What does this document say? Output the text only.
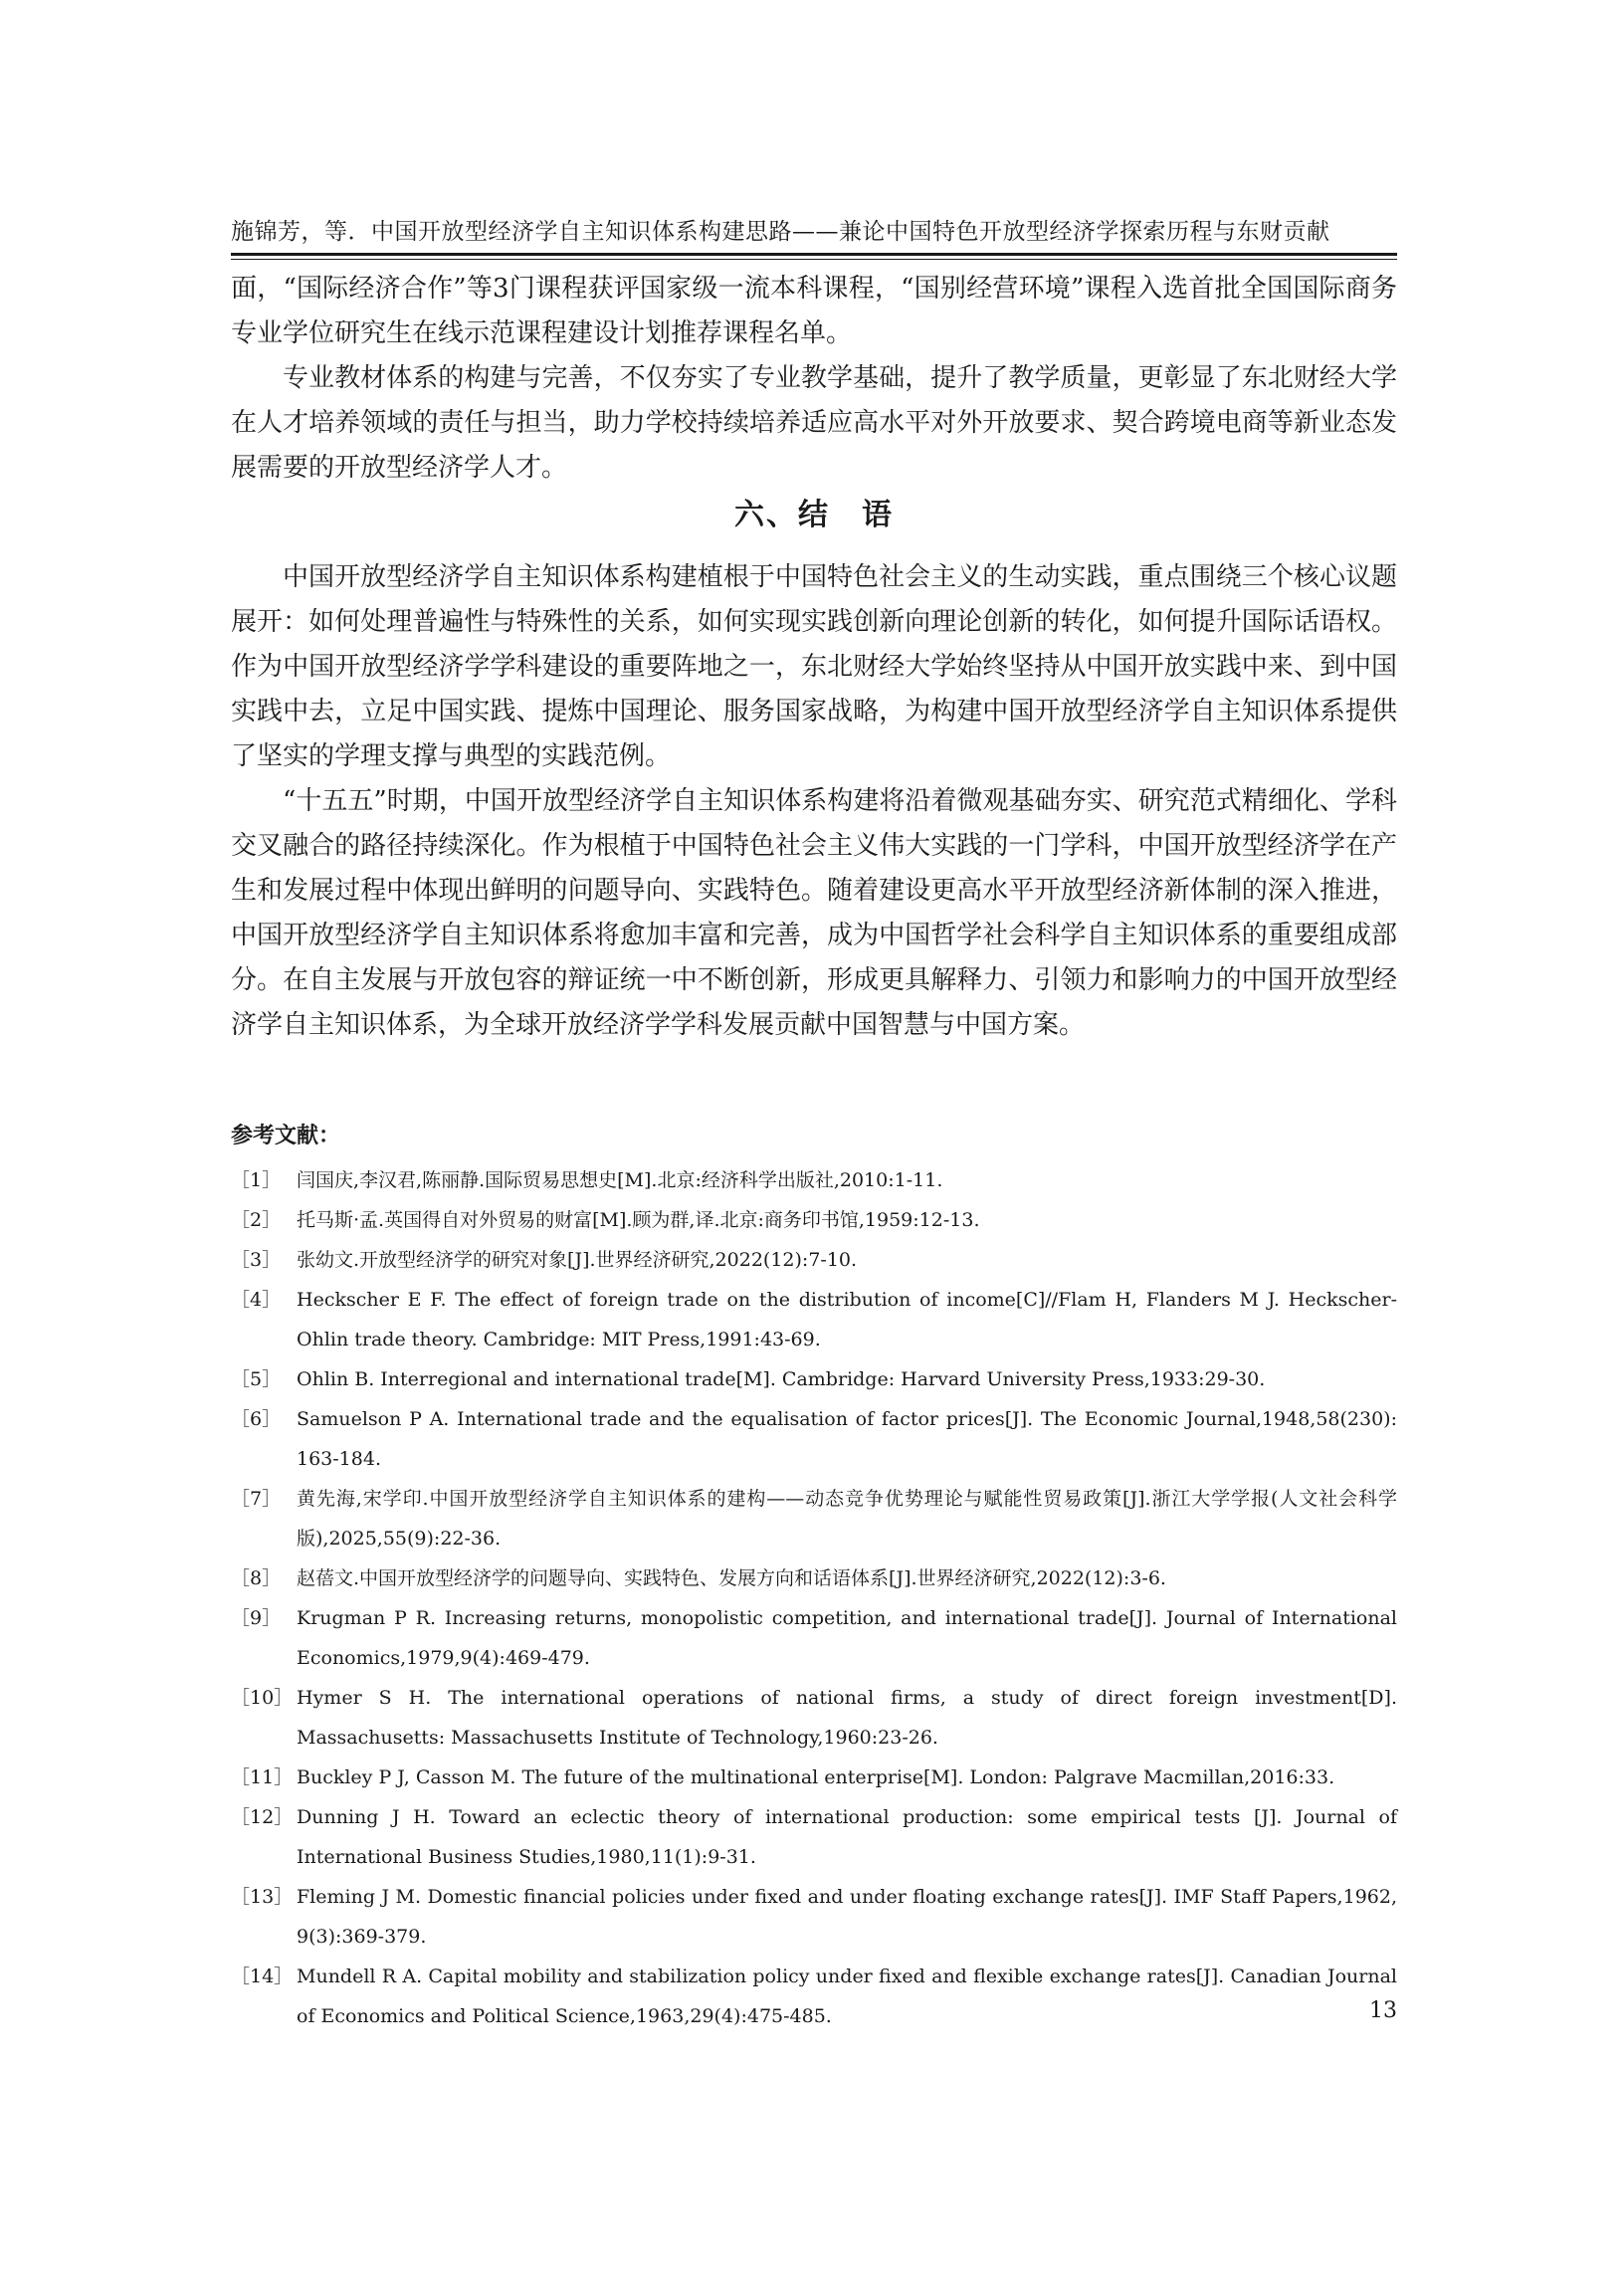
施锦芳，等．中国开放型经济学自主知识体系构建思路——兼论中国特色开放型经济学探索历程与东财贡献

面，“国际经济合作”等3门课程获评国家级一流本科课程，“国别经营环境”课程入选首批全国国际商务专业学位研究生在线示范课程建设计划推荐课程名单。

专业教材体系的构建与完善，不仅夯实了专业教学基础，提升了教学质量，更彰显了东北财经大学在人才培养领域的责任与担当，助力学校持续培养适应高水平对外开放要求、契合跨境电商等新业态发展需要的开放型经济学人才。

六、结　语

中国开放型经济学自主知识体系构建植根于中国特色社会主义的生动实践，重点围绕三个核心议题展开：如何处理普遍性与特殊性的关系，如何实现实践创新向理论创新的转化，如何提升国际话语权。作为中国开放型经济学学科建设的重要阵地之一，东北财经大学始终坚持从中国开放实践中来、到中国实践中去，立足中国实践、提炼中国理论、服务国家战略，为构建中国开放型经济学自主知识体系提供了坚实的学理支撑与典型的实践范例。

“十五五”时期，中国开放型经济学自主知识体系构建将沿着微观基础夯实、研究范式精细化、学科交叉融合的路径持续深化。作为根植于中国特色社会主义伟大实践的一门学科，中国开放型经济学在产生和发展过程中体现出鲜明的问题导向、实践特色。随着建设更高水平开放型经济新体制的深入推进，中国开放型经济学自主知识体系将愈加丰富和完善，成为中国哲学社会科学自主知识体系的重要组成部分。在自主发展与开放包容的辩证统一中不断创新，形成更具解释力、引领力和影响力的中国开放型经济学自主知识体系，为全球开放经济学学科发展贡献中国智慧与中国方案。

参考文献：
［1］ 闫国庆,李汉君,陈丽静.国际贸易思想史[M].北京:经济科学出版社,2010:1-11.
［2］ 托马斯·孟.英国得自对外贸易的财富[M].顾为群,译.北京:商务印书馆,1959:12-13.
［3］ 张幼文.开放型经济学的研究对象[J].世界经济研究,2022(12):7-10.
［4］ Heckscher E F. The effect of foreign trade on the distribution of income[C]//Flam H, Flanders M J. Heckscher-Ohlin trade theory. Cambridge: MIT Press,1991:43-69.
［5］ Ohlin B. Interregional and international trade[M]. Cambridge: Harvard University Press,1933:29-30.
［6］ Samuelson P A. International trade and the equalisation of factor prices[J]. The Economic Journal,1948,58(230): 163-184.
［7］ 黄先海,宋学印.中国开放型经济学自主知识体系的建构——动态竞争优势理论与赋能性贸易政策[J].浙江大学学报(人文社会科学版),2025,55(9):22-36.
［8］ 赵蓓文.中国开放型经济学的问题导向、实践特色、发展方向和话语体系[J].世界经济研究,2022(12):3-6.
［9］ Krugman P R. Increasing returns, monopolistic competition, and international trade[J]. Journal of International Economics,1979,9(4):469-479.
［10］ Hymer S H. The international operations of national firms, a study of direct foreign investment[D]. Massachusetts: Massachusetts Institute of Technology,1960:23-26.
［11］ Buckley P J, Casson M. The future of the multinational enterprise[M]. London: Palgrave Macmillan,2016:33.
［12］ Dunning J H. Toward an eclectic theory of international production: some empirical tests [J]. Journal of International Business Studies,1980,11(1):9-31.
［13］ Fleming J M. Domestic financial policies under fixed and under floating exchange rates[J]. IMF Staff Papers,1962, 9(3):369-379.
［14］ Mundell R A. Capital mobility and stabilization policy under fixed and flexible exchange rates[J]. Canadian Journal of Economics and Political Science,1963,29(4):475-485.	13
